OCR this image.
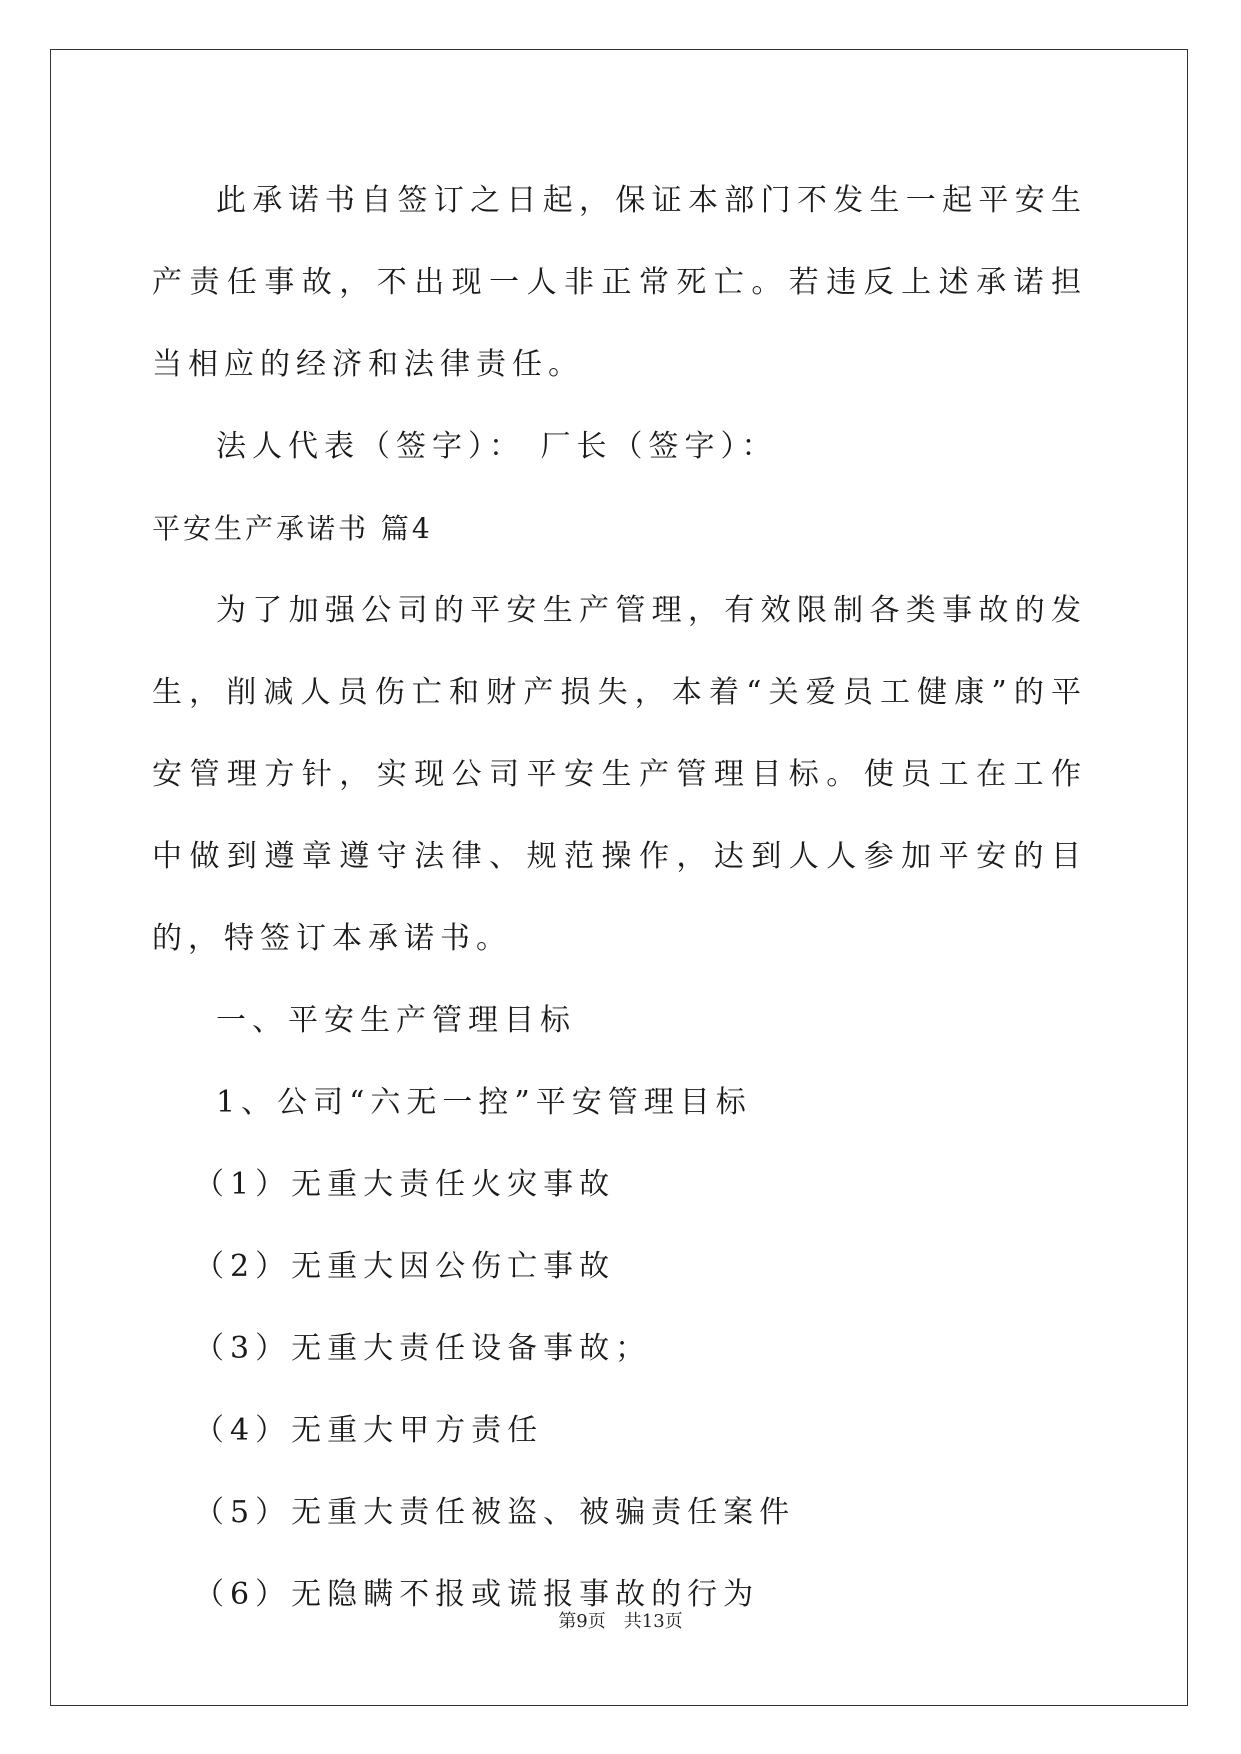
此承诺书自签订之日起，保证本部门不发生一起平安生产责任事故，不出现一人非正常死亡。若违反上述承诺担当相应的经济和法律责任。

法人代表（签字）： 厂长（签字）：

平安生产承诺书 篇4

为了加强公司的平安生产管理，有效限制各类事故的发生，削减人员伤亡和财产损失，本着“关爱员工健康”的平安管理方针，实现公司平安生产管理目标。使员工在工作中做到遵章遵守法律、规范操作，达到人人参加平安的目的，特签订本承诺书。

一、平安生产管理目标

1、公司“六无一控”平安管理目标

（1）无重大责任火灾事故

（2）无重大因公伤亡事故

（3）无重大责任设备事故；

（4）无重大甲方责任

（5）无重大责任被盗、被骗责任案件

（6）无隐瞒不报或谎报事故的行为

第9页　共13页
